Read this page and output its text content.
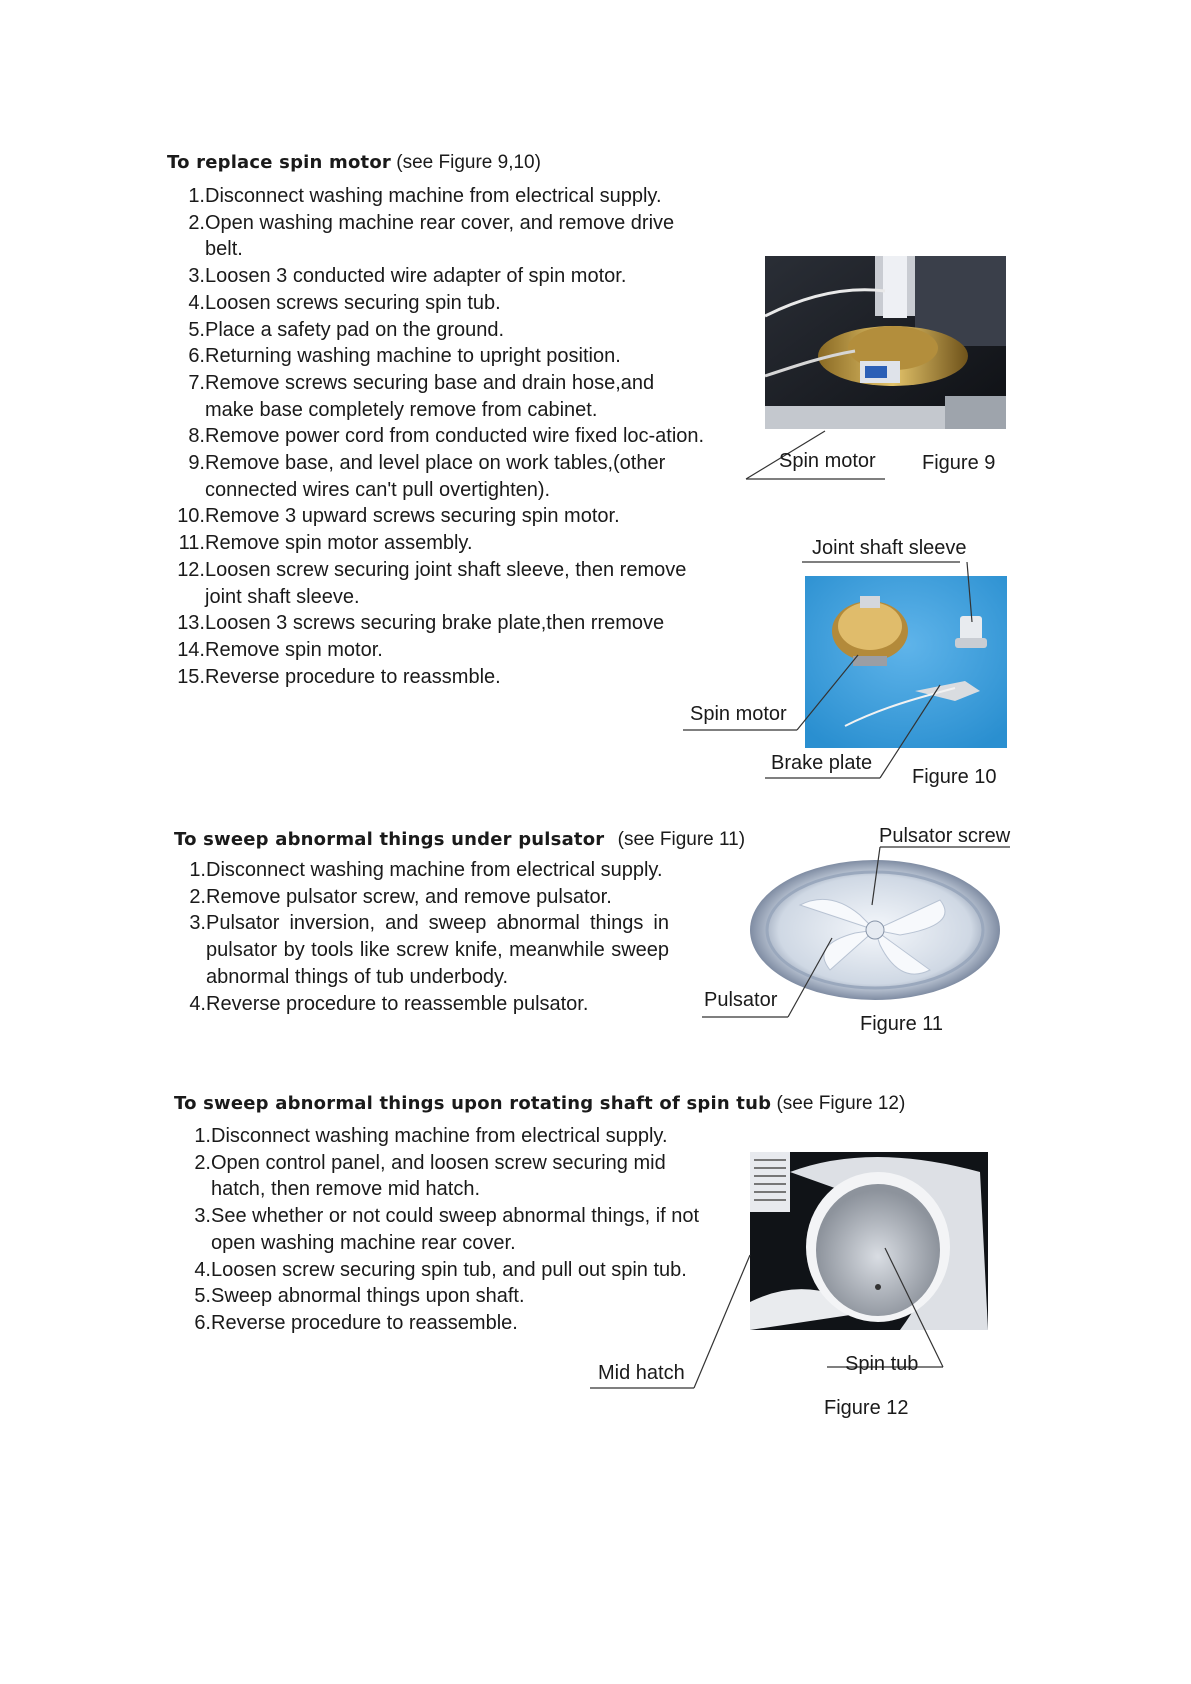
To replace spin motor (see Figure 9,10)
1. Disconnect washing machine from electrical supply.
2. Open washing machine rear cover, and remove drive belt.
3. Loosen 3 conducted wire adapter of spin motor.
4. Loosen screws securing spin tub.
5. Place a safety pad on the ground.
6. Returning washing machine to upright position.
7. Remove screws securing base and drain hose,and make base completely remove from cabinet.
8. Remove power cord from conducted wire fixed loc-ation.
9. Remove base, and level place on work tables,(other connected wires can't pull overtighten).
10. Remove 3 upward screws securing spin motor.
11. Remove spin motor assembly.
12. Loosen screw securing joint shaft sleeve, then remove joint shaft sleeve.
13. Loosen 3 screws securing brake plate,then rremove
14. Remove spin motor.
15. Reverse procedure to reassmble.
Spin motor Figure 9
Joint shaft sleeve
Spin motor
Brake plate
Figure 10
To sweep abnormal things under pulsator (see Figure 11)
1. Disconnect washing machine from electrical supply.
2. Remove pulsator screw, and remove pulsator.
3. Pulsator inversion, and sweep abnormal things in pulsator by tools like screw knife, meanwhile sweep abnormal things of tub underbody.
4. Reverse procedure to reassemble pulsator.
Pulsator screw
Pulsator
Figure 11
To sweep abnormal things upon rotating shaft of spin tub (see Figure 12)
1. Disconnect washing machine from electrical supply.
2. Open control panel, and loosen screw securing mid hatch, then remove mid hatch.
3. See whether or not could sweep abnormal things, if not open washing machine rear cover.
4. Loosen screw securing spin tub, and pull out spin tub.
5. Sweep abnormal things upon shaft.
6. Reverse procedure to reassemble.
Mid hatch	Spin tub
Figure 12
